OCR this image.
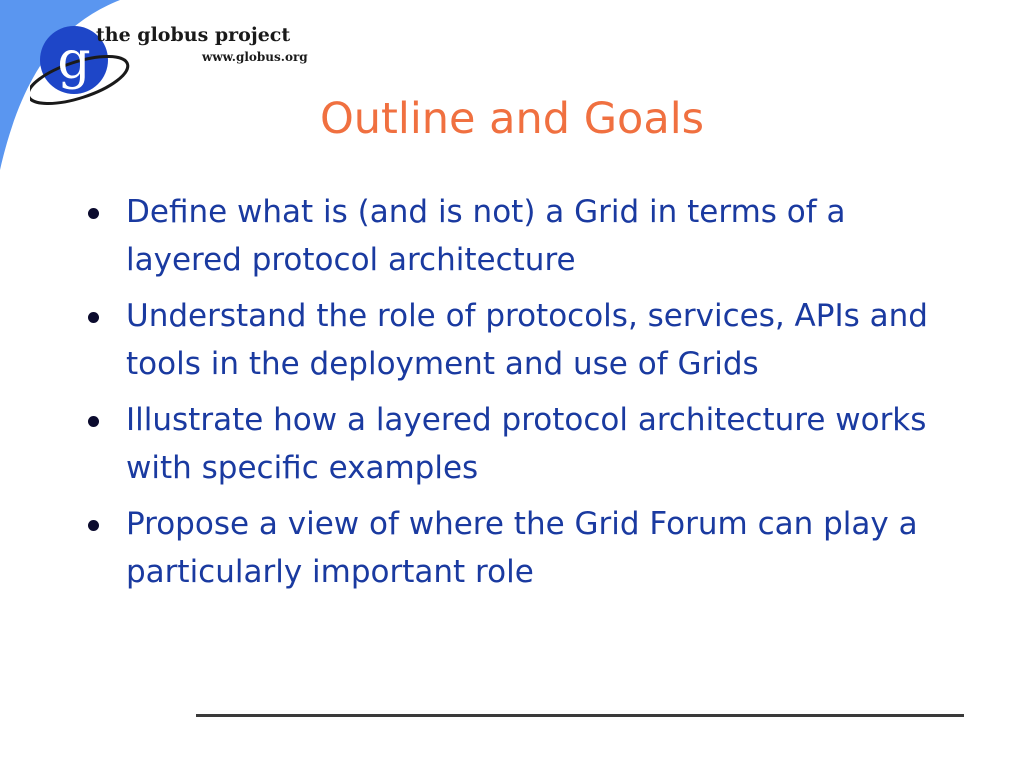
g the globus project
www.globus.org
Outline and Goals
Define what is (and is not) a Grid in terms of a layered protocol architecture
Understand the role of protocols, services, APIs and tools in the deployment and use of Grids
Illustrate how a layered protocol architecture works with specific examples
Propose a view of where the Grid Forum can play a particularly important role
